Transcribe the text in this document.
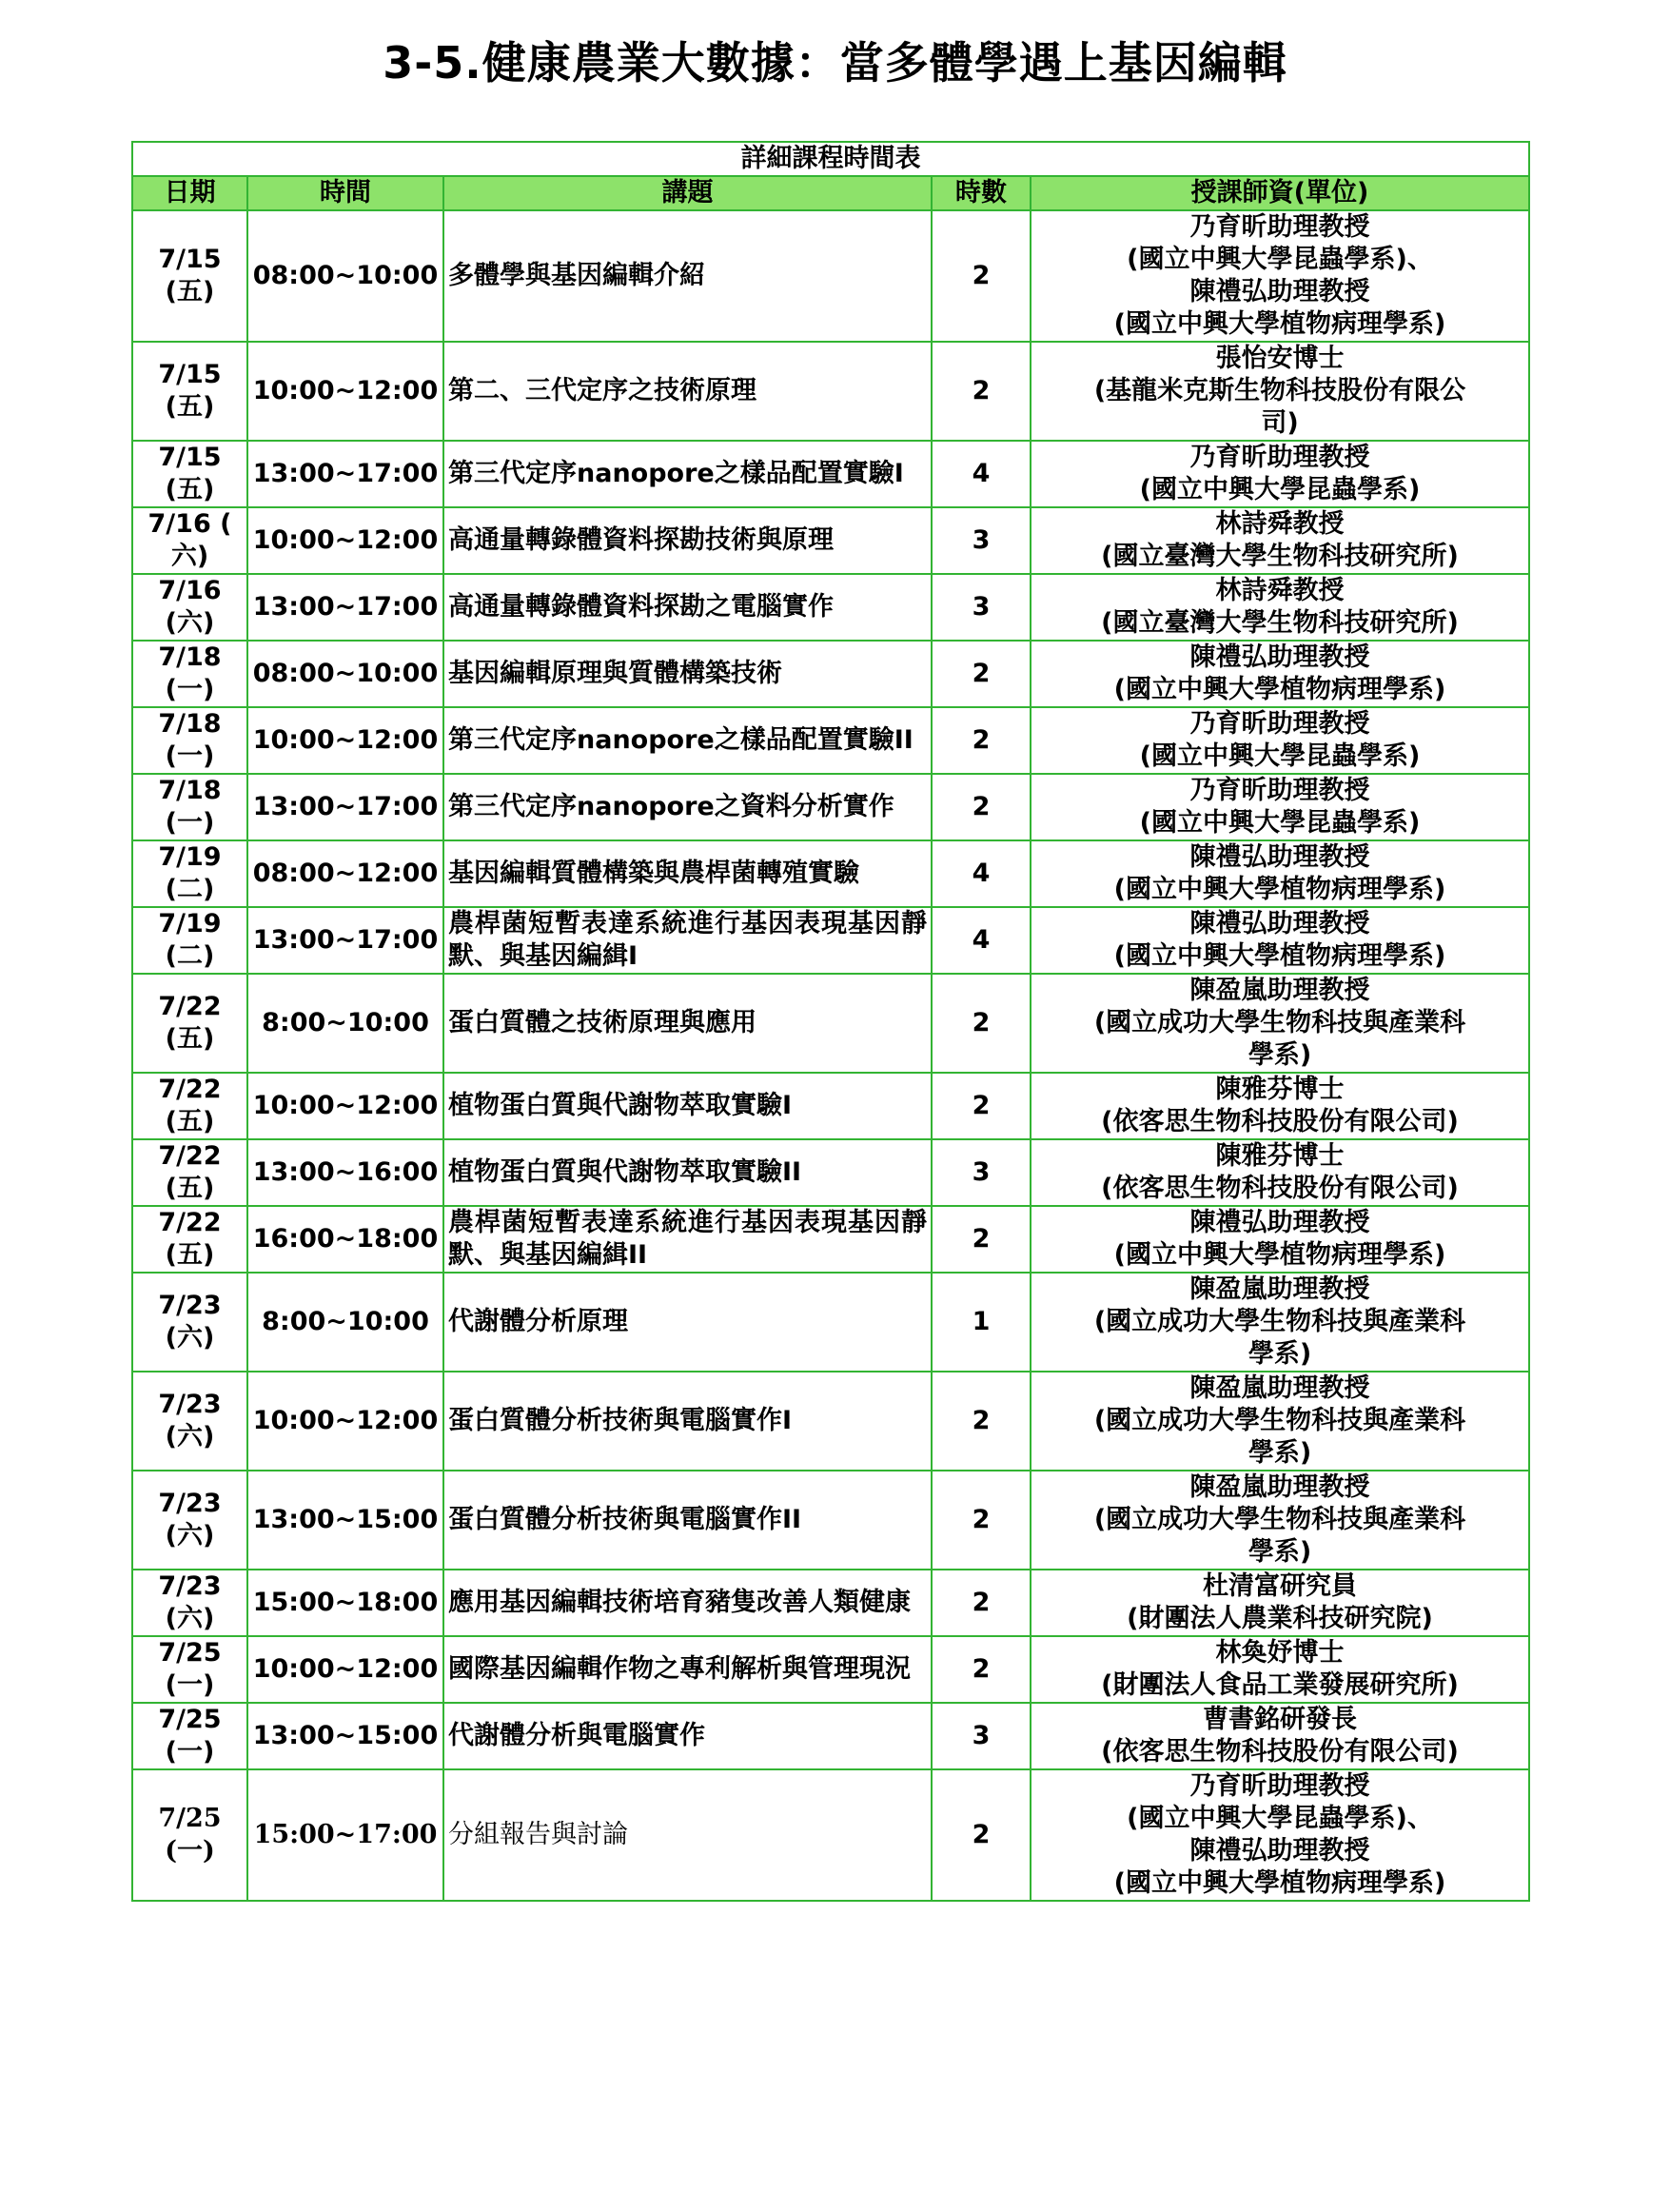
3-5.健康農業大數據：當多體學遇上基因編輯
詳細課程時間表				
日期	時間	講題	時數	授課師資(單位)

7/15
(五)	08:00~10:00	多體學與基因編輯介紹	2	乃育昕助理教授
(國立中興大學昆蟲學系)、
陳禮弘助理教授
(國立中興大學植物病理學系)

7/15
(五)	10:00~12:00	第二、三代定序之技術原理	2	張怡安博士
(基龍米克斯生物科技股份有限公
司)

7/15
(五)	13:00~17:00	第三代定序nanopore之樣品配置實驗I	4	乃育昕助理教授
(國立中興大學昆蟲學系)

7/16 (
六)	10:00~12:00	高通量轉錄體資料探勘技術與原理	3	林詩舜教授
(國立臺灣大學生物科技研究所)

7/16
(六)	13:00~17:00	高通量轉錄體資料探勘之電腦實作	3	林詩舜教授
(國立臺灣大學生物科技研究所)

7/18
(一)	08:00~10:00	基因編輯原理與質體構築技術	2	陳禮弘助理教授
(國立中興大學植物病理學系)

7/18
(一)	10:00~12:00	第三代定序nanopore之樣品配置實驗II	2	乃育昕助理教授
(國立中興大學昆蟲學系)

7/18
(一)	13:00~17:00	第三代定序nanopore之資料分析實作	2	乃育昕助理教授
(國立中興大學昆蟲學系)

7/19
(二)	08:00~12:00	基因編輯質體構築與農桿菌轉殖實驗	4	陳禮弘助理教授
(國立中興大學植物病理學系)

7/19
(二)	13:00~17:00	農桿菌短暫表達系統進行基因表現基因靜默、與基因編緝I	4	陳禮弘助理教授
(國立中興大學植物病理學系)

7/22
(五)	8:00~10:00	蛋白質體之技術原理與應用	2	陳盈嵐助理教授
(國立成功大學生物科技與產業科
學系)

7/22
(五)	10:00~12:00	植物蛋白質與代謝物萃取實驗I	2	陳雅芬博士
(依客思生物科技股份有限公司)

7/22
(五)	13:00~16:00	植物蛋白質與代謝物萃取實驗II	3	陳雅芬博士
(依客思生物科技股份有限公司)

7/22
(五)	16:00~18:00	農桿菌短暫表達系統進行基因表現基因靜默、與基因編緝II	2	陳禮弘助理教授
(國立中興大學植物病理學系)

7/23
(六)	8:00~10:00	代謝體分析原理	1	陳盈嵐助理教授
(國立成功大學生物科技與產業科
學系)

7/23
(六)	10:00~12:00	蛋白質體分析技術與電腦實作I	2	陳盈嵐助理教授
(國立成功大學生物科技與產業科
學系)

7/23
(六)	13:00~15:00	蛋白質體分析技術與電腦實作II	2	陳盈嵐助理教授
(國立成功大學生物科技與產業科
學系)

7/23
(六)	15:00~18:00	應用基因編輯技術培育豬隻改善人類健康	2	杜清富研究員
(財團法人農業科技研究院)

7/25
(一)	10:00~12:00	國際基因編輯作物之專利解析與管理現況	2	林奐妤博士
(財團法人食品工業發展研究所)

7/25
(一)	13:00~15:00	代謝體分析與電腦實作	3	曹書銘研發長
(依客思生物科技股份有限公司)

7/25
(一)	15:00~17:00	分組報告與討論	2	乃育昕助理教授
(國立中興大學昆蟲學系)、
陳禮弘助理教授
(國立中興大學植物病理學系)
